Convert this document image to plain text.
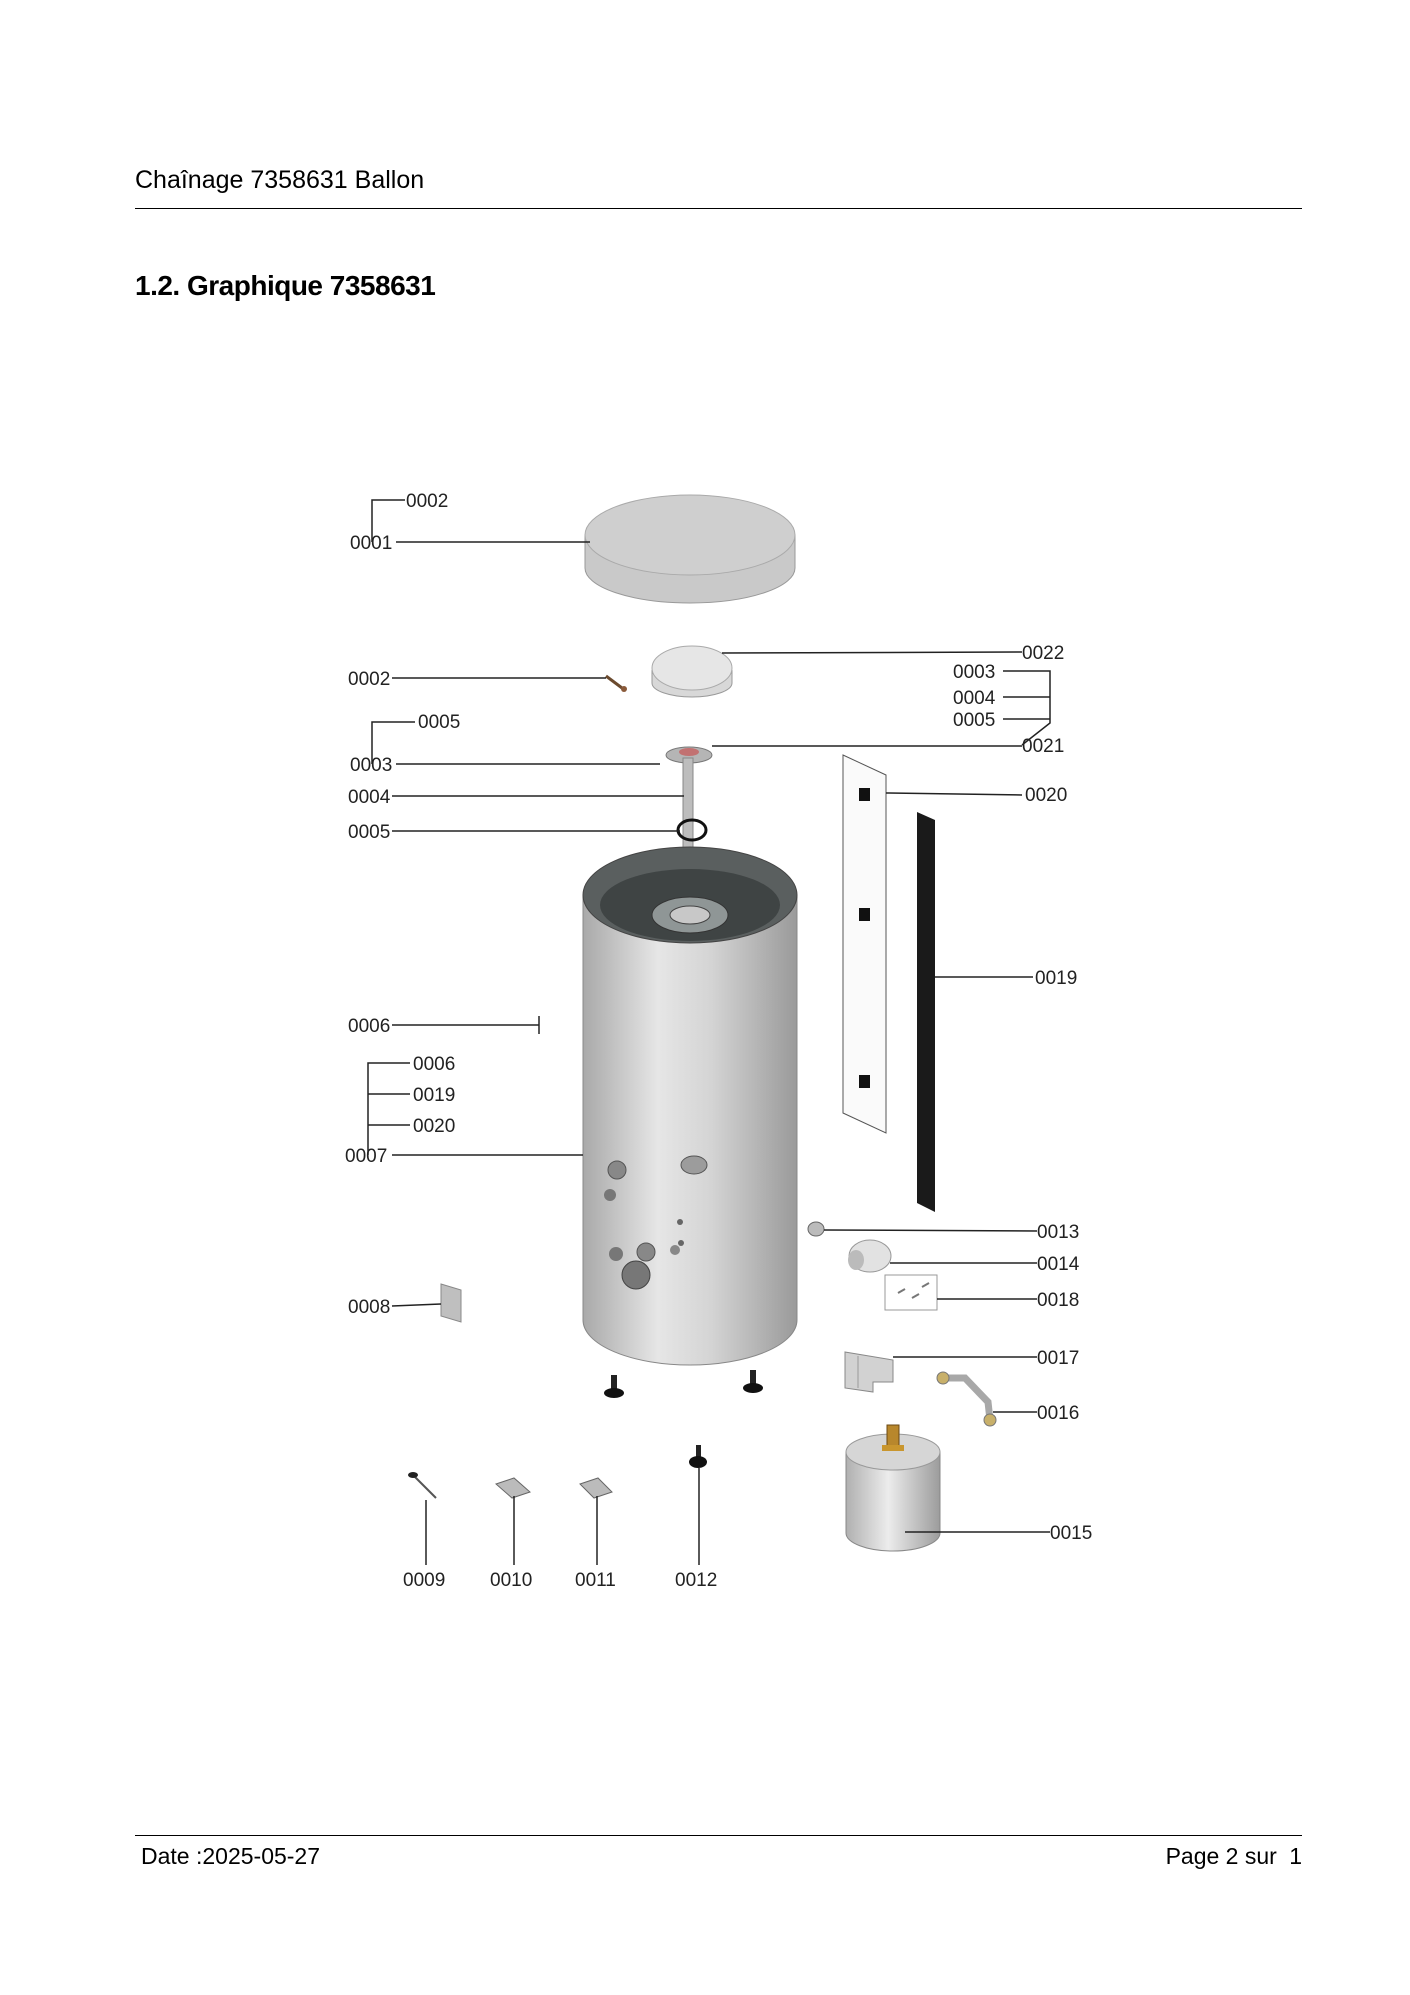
Chaînage 7358631 Ballon
1.2. Graphique 7358631
0002
0001
0002
0005
0003
0004
0005
0022
0003
0004
0005
0021
0020
0019
0006
0006
0019
0020
0007
0008
0013
0014
0018
0017
0016
0015
0009 0010 0011	0012
Date :2025-05-27	Page 2 sur 1
